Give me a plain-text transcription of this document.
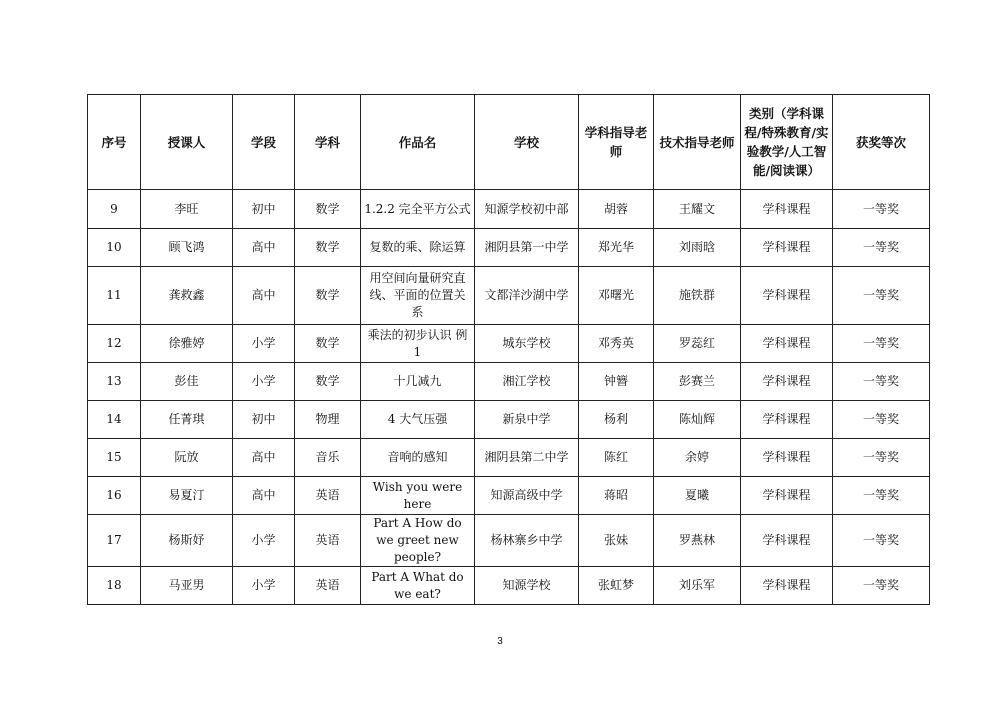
序号	授课人	学段	学科	作品名	学校	学科指导老师	技术指导老师	类别（学科课程/特殊教育/实验教学/人工智能/阅读课）	获奖等次
9	李旺	初中	数学	1.2.2 完全平方公式	知源学校初中部	胡蓉	王耀文	学科课程	一等奖
10	顾飞鸿	高中	数学	复数的乘、除运算	湘阴县第一中学	郑光华	刘雨晗	学科课程	一等奖
11	龚救鑫	高中	数学	用空间向量研究直线、平面的位置关系	文都洋沙湖中学	邓曙光	施铁群	学科课程	一等奖
12	徐雅婷	小学	数学	乘法的初步认识 例 1	城东学校	邓秀英	罗蕊红	学科课程	一等奖
13	彭佳	小学	数学	十几减九	湘江学校	钟簪	彭赛兰	学科课程	一等奖
14	任菁琪	初中	物理	4 大气压强	新泉中学	杨利	陈灿辉	学科课程	一等奖
15	阮放	高中	音乐	音响的感知	湘阴县第二中学	陈红	余婷	学科课程	一等奖
16	易夏汀	高中	英语	Wish you were here	知源高级中学	蒋昭	夏曦	学科课程	一等奖
17	杨斯妤	小学	英语	Part A How do we greet new people?	杨林寨乡中学	张妹	罗燕林	学科课程	一等奖
18	马亚男	小学	英语	Part A What do we eat?	知源学校	张虹梦	刘乐军	学科课程	一等奖
3
